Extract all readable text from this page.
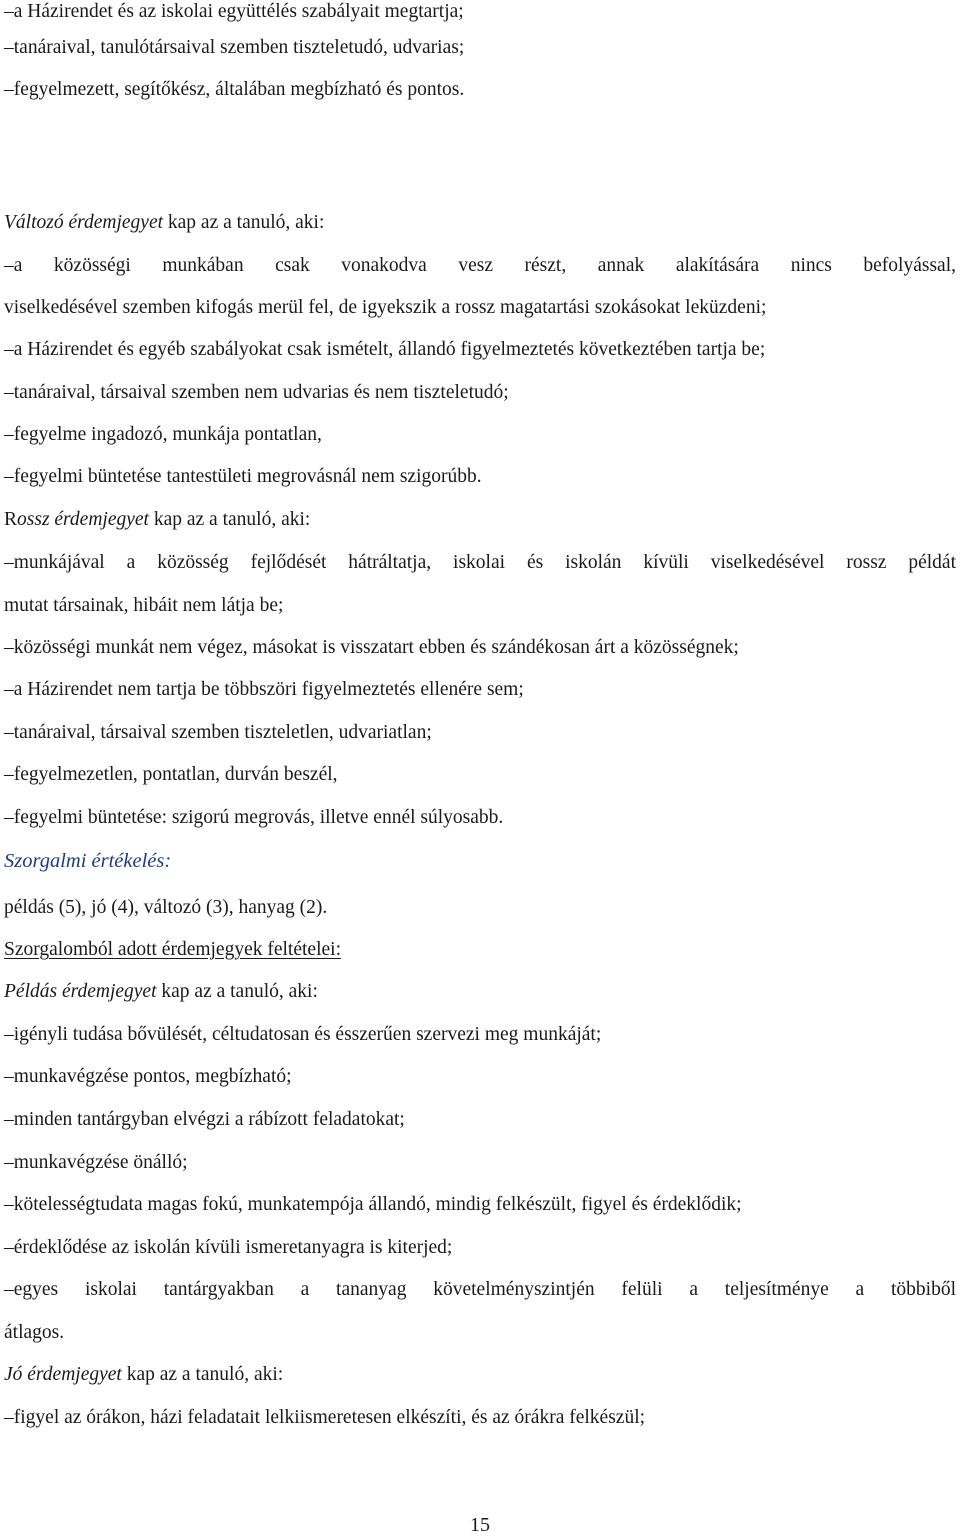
–a Házirendet és az iskolai együttélés szabályait megtartja;
–tanáraival, tanulótársaival szemben tiszteletudó, udvarias;
–fegyelmezett, segítőkész, általában megbízható és pontos.
Változó érdemjegyet kap az a tanuló, aki:
–a közösségi munkában csak vonakodva vesz részt, annak alakítására nincs befolyással,
viselkedésével szemben kifogás merül fel, de igyekszik a rossz magatartási szokásokat leküzdeni;
–a Házirendet és egyéb szabályokat csak ismételt, állandó figyelmeztetés következtében tartja be;
–tanáraival, társaival szemben nem udvarias és nem tiszteletudó;
–fegyelme ingadozó, munkája pontatlan,
–fegyelmi büntetése tantestületi megrovásnál nem szigorúbb.
Rossz érdemjegyet kap az a tanuló, aki:
–munkájával a közösség fejlődését hátráltatja, iskolai és iskolán kívüli viselkedésével rossz példát
mutat társainak, hibáit nem látja be;
–közösségi munkát nem végez, másokat is visszatart ebben és szándékosan árt a közösségnek;
–a Házirendet nem tartja be többszöri figyelmeztetés ellenére sem;
–tanáraival, társaival szemben tiszteletlen, udvariatlan;
–fegyelmezetlen, pontatlan, durván beszél,
–fegyelmi büntetése: szigorú megrovás, illetve ennél súlyosabb.
Szorgalmi értékelés:
példás (5), jó (4), változó (3), hanyag (2).
Szorgalomból adott érdemjegyek feltételei:
Példás érdemjegyet kap az a tanuló, aki:
–igényli tudása bővülését, céltudatosan és ésszerűen szervezi meg munkáját;
–munkavégzése pontos, megbízható;
–minden tantárgyban elvégzi a rábízott feladatokat;
–munkavégzése önálló;
–kötelességtudata magas fokú, munkatempója állandó, mindig felkészült, figyel és érdeklődik;
–érdeklődése az iskolán kívüli ismeretanyagra is kiterjed;
–egyes iskolai tantárgyakban a tananyag követelményszintjén felüli a teljesítménye a többiből
átlagos.
Jó érdemjegyet kap az a tanuló, aki:
–figyel az órákon, házi feladatait lelkiismeretesen elkészíti, és az órákra felkészül;
15
